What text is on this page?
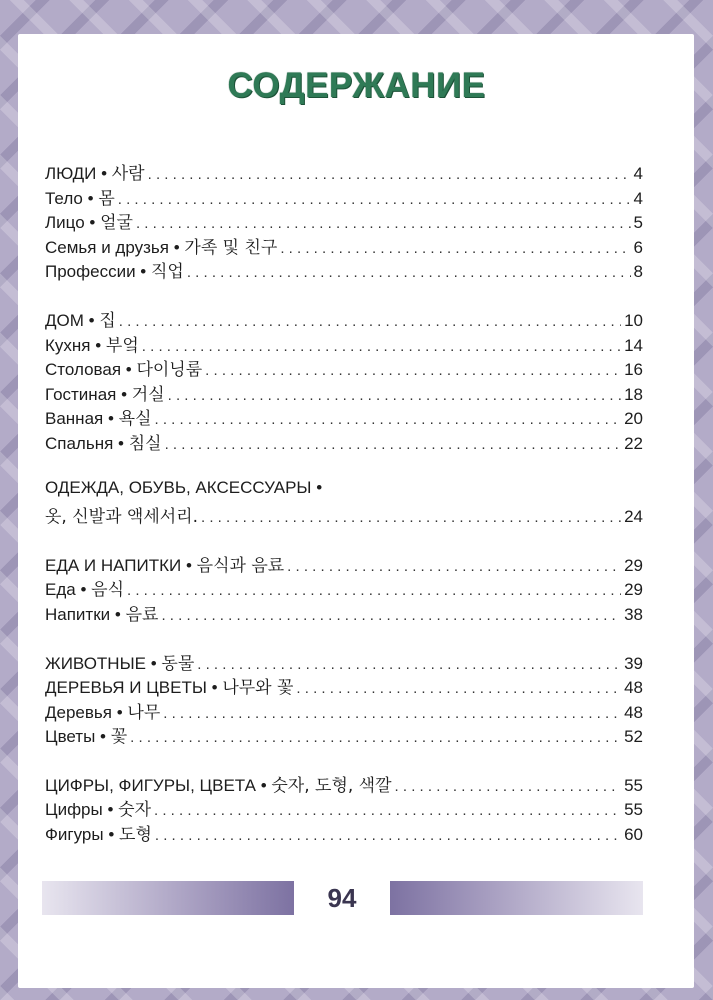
СОДЕРЖАНИЕ
ЛЮДИ • 사람 . . .	4
Тело • 몸 . . .	4
Лицо • 얼굴 . . .	5
Семья и друзья • 가족 및 친구 . . .	6
Профессии • 직업 . . .	8
ДОМ • 집 . . .	10
Кухня • 부엌 . . .	14
Столовая • 다이닝룸 . . .	16
Гостиная • 거실 . . .	18
Ванная • 욕실 . . .	20
Спальня • 침실 . . .	22
ОДЕЖДА, ОБУВЬ, АКСЕССУАРЫ •
옷, 신발과 액세서리. . . .	24
ЕДА И НАПИТКИ • 음식과 음료 . . .	29
Еда • 음식 . . .	29
Напитки • 음료 . . .	38
ЖИВОТНЫЕ • 동물 . . .	39
ДЕРЕВЬЯ И ЦВЕТЫ • 나무와 꽃 . . .	48
Деревья • 나무 . . .	48
Цветы • 꽃 . . .	52
ЦИФРЫ, ФИГУРЫ, ЦВЕТА • 숫자, 도형, 색깔 . . .	55
Цифры • 숫자 . . .	55
Фигуры • 도형 . . .	60
94
